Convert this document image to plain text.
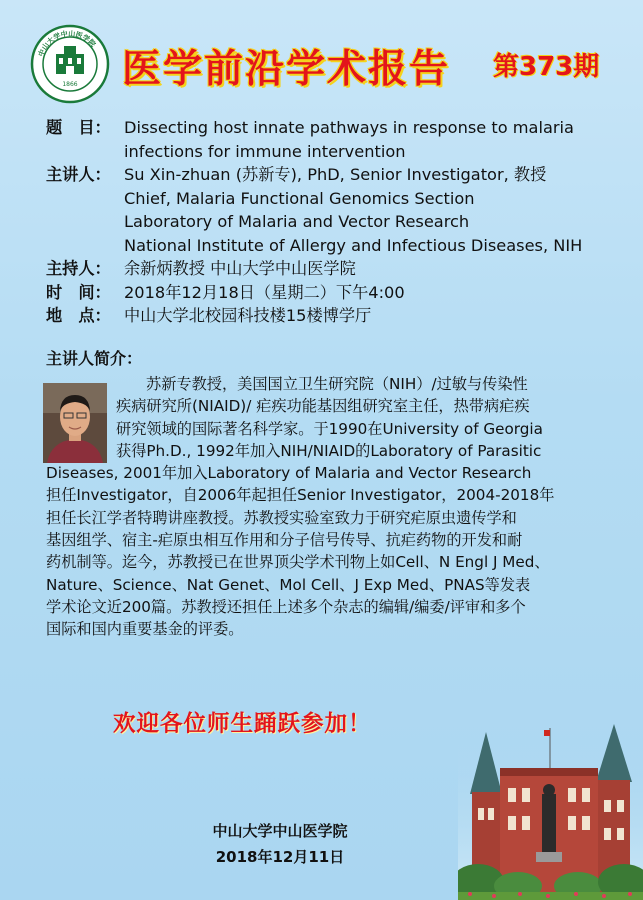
中山大学中山医学院
1866 医学前沿学术报告 第373期
题　目： Dissecting host innate pathways in response to malaria
infections for immune intervention
主讲人： Su Xin-zhuan (苏新专), PhD, Senior Investigator, 教授
Chief, Malaria Functional Genomics Section
Laboratory of Malaria and Vector Research
National Institute of Allergy and Infectious Diseases, NIH
主持人： 余新炳教授 中山大学中山医学院
时　间： 2018年12月18日（星期二）下午4:00
地　点： 中山大学北校园科技楼15楼博学厅
主讲人简介：
苏新专教授，美国国立卫生研究院（NIH）/过敏与传染性
疾病研究所(NIAID)/ 疟疾功能基因组研究室主任，热带病疟疾
研究领域的国际著名科学家。于1990在University of Georgia
获得Ph.D., 1992年加入NIH/NIAID的Laboratory of Parasitic
Diseases, 2001年加入Laboratory of Malaria and Vector Research
担任Investigator，自2006年起担任Senior Investigator，2004-2018年
担任长江学者特聘讲座教授。苏教授实验室致力于研究疟原虫遗传学和
基因组学、宿主-疟原虫相互作用和分子信号传导、抗疟药物的开发和耐
药机制等。迄今，苏教授已在世界顶尖学术刊物上如Cell、N Engl J Med、
Nature、Science、Nat Genet、Mol Cell、J Exp Med、PNAS等发表
学术论文近200篇。苏教授还担任上述多个杂志的编辑/编委/评审和多个
国际和国内重要基金的评委。
欢迎各位师生踊跃参加！
中山大学中山医学院
2018年12月11日
